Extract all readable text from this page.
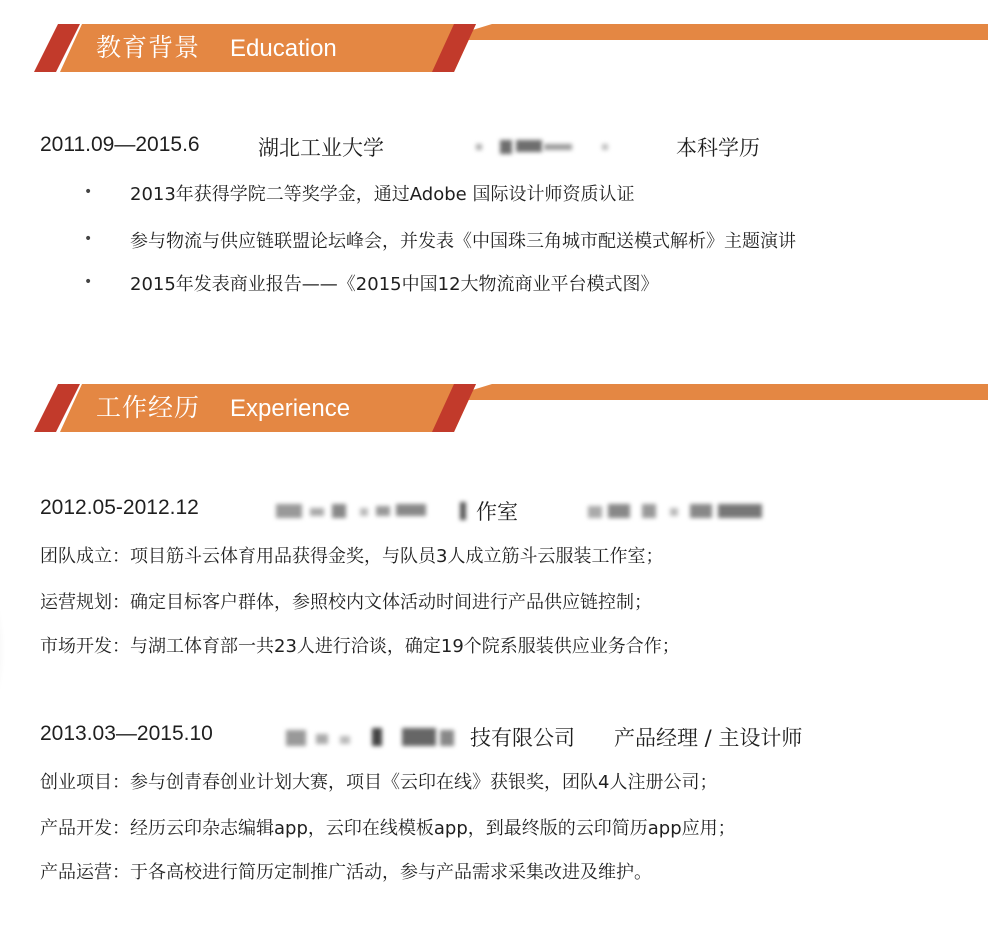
教育背景 Education
2011.09—2015.6	湖北工业大学	本科学历
• 2013年获得学院二等奖学金，通过Adobe 国际设计师资质认证
• 参与物流与供应链联盟论坛峰会，并发表《中国珠三角城市配送模式解析》主题演讲
• 2015年发表商业报告——《2015中国12大物流商业平台模式图》
工作经历 Experience
2012.05-2012.12	作室
团队成立：项目筋斗云体育用品获得金奖，与队员3人成立筋斗云服装工作室；
运营规划：确定目标客户群体，参照校内文体活动时间进行产品供应链控制；
市场开发：与湖工体育部一共23人进行洽谈，确定19个院系服装供应业务合作；
2013.03—2015.10	技有限公司 产品经理 / 主设计师
创业项目：参与创青春创业计划大赛，项目《云印在线》获银奖，团队4人注册公司；
产品开发：经历云印杂志编辑app，云印在线模板app，到最终版的云印简历app应用；
产品运营：于各高校进行简历定制推广活动，参与产品需求采集改进及维护。
